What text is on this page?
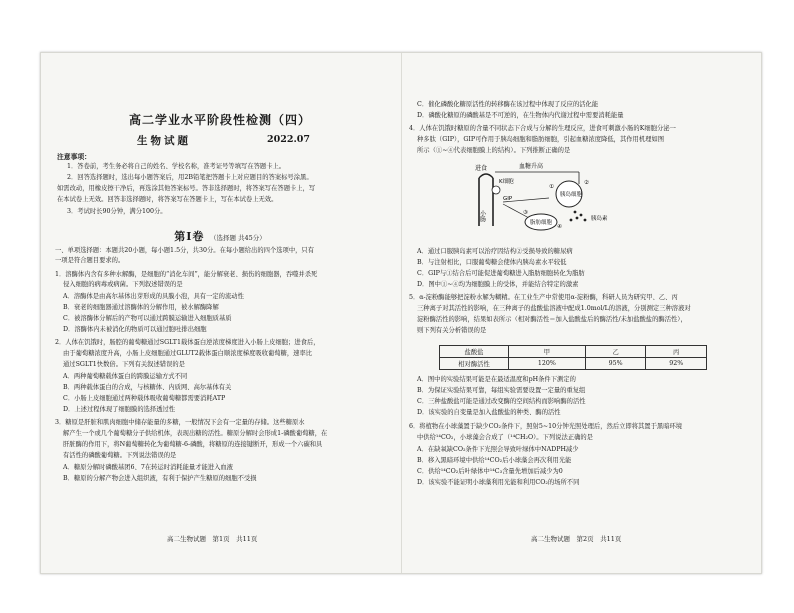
高二学业水平阶段性检测（四）
生物试题	2022.07
注意事项：
1．答卷前，考生务必将自己的姓名、学校名称，准考证号等填写在答题卡上。
2．回答选择题时，选出每小题答案后，用2B铅笔把答题卡上对应题目的答案标号涂黑。
如需改动，用橡皮擦干净后，再选涂其他答案标号。答非选择题时，将答案写在答题卡上，写
在本试卷上无效。回答非选择题时，将答案写在答题卡上，写在本试卷上无效。
3．考试时长90分钟，满分100分。
第Ⅰ卷 （选择题 共45分）
一、单项选择题：本题共20小题，每小题1.5分，共30分。在每小题给出的四个选项中，只有
一项是符合题目要求的。
1．溶酶体内含有多种水解酶，是细胞的“消化车间”，能分解衰老、损伤的细胞器，吞噬并杀死
侵入细胞的病毒或病菌。下列叙述错误的是
A．溶酶体是由高尔基体出芽形成的具膜小泡，具有一定的流动性
B．衰老的细胞器通过溶酶体的分解作用，被水解酶降解
C．被溶酶体分解后的产物可以通过跨膜运输进入细胞质基质
D．溶酶体内未被消化的物质可以通过胞吐排出细胞
2．人体在饥饿时，肠腔的葡萄糖通过SGLT1载体蛋白逆浓度梯度进入小肠上皮细胞；进食后，
由于葡萄糖浓度升高，小肠上皮细胞通过GLUT2载体蛋白顺浓度梯度吸收葡萄糖，速率比
通过SGLT1快数倍。下列有关叙述错误的是
A．两种葡萄糖载体蛋白的跨膜运输方式不同
B．两种载体蛋白的合成，与核糖体、内质网、高尔基体有关
C．小肠上皮细胞通过两种载体吸收葡萄糖都需要消耗ATP
D．上述过程体现了细胞膜的选择透过性
3．糖原是肝脏和肌肉细胞中储存能量的多糖，一般情况下会有一定量的存储。这些糖原水
解产生一个或几个葡萄糖分子供给机体，表现出糖的活性。糖原分解时会形成1-磷酸葡萄糖，在
肝脏酶的作用下，将N葡萄糖转化为葡萄糖-6-磷酸，将糖原的连接键断开，形成一个六碳和具
有活性的磷酸葡萄糖。下列说法错误的是
A．糖原分解时磷酸基团6、7在转运时消耗能量才能进入血液
B．糖原的分解产物会进入组织液，有利于保护产生糖原的细胞不受损
高二生物试题　第1页　共11页
C．催化磷酸化糖原活性的转移酶在该过程中体现了反应的活化能
D．磷酸化糖原的磷酸基是不可逆的，在生物体内代谢过程中需要消耗能量
4．人体在饥饿时糖原的含量不同状态下合成与分解的生理反应，进食可刺激小肠的K细胞分泌一
种多肽（GIP），GIP可作用于胰岛细胞和脂肪细胞，引起血糖浓度降低，其作用机理如图
所示（①~④代表细胞膜上的结构）。下列推断正确的是
小肠
进食	血糖升高
K细胞
GIP
胰岛细胞
脂肪细胞
胰岛素
①
②
③
④
A．通过口服胰岛素可以治疗因结构②受损导致的糖尿病
B．与注射相比，口服葡萄糖会使体内胰岛素水平较低
C．GIP与①结合后可能促进葡萄糖进入脂肪细胞转化为脂肪
D．图中①~④均为细胞膜上的受体，并能结合特定的激素
5．α-淀粉酶能够把淀粉水解为糊精。在工业生产中常使用α-淀粉酶，科研人员为研究甲、乙、丙
三种离子对其活性的影响，在三种离子的盐酸盐溶液中配成1.0mol/L的溶液，分别测定三种溶液对
淀粉酶活性的影响，结果如表所示（相对酶活性＝加入盐酸盐后的酶活性/未加盐酸盐的酶活性），
则下列有关分析错误的是
盐酸盐	甲	乙	丙
相对酶活性	120%	95%	92%
A．图中的实验结果可能是在最适温度和pH条件下测定的
B．为保证实验结果可靠，每组实验需要设置一定量的重复组
C．三种盐酸盐可能是通过改变酶的空间结构而影响酶的活性
D．该实验的自变量是加入盐酸盐的种类、酶的活性
6．将植物在小球藻置于缺少CO₂条件下，照射5~10分钟光照处理后，然后立即将其置于黑暗环境
中供给¹⁴CO₂，小球藻会合成了（¹⁴CH₂O）。下列说法正确的是
A．在缺氧缺CO₂条件下光照会导致叶绿体中NADPH减少
B．移入黑暗环境中供给¹⁴CO₂后小球藻会再次利用光能
C．供给¹⁴CO₂后叶绿体中¹⁴C₃含量先增加后减少为0
D．该实验不能证明小球藻利用光能和利用CO₂的场所不同
高二生物试题　第2页　共11页
